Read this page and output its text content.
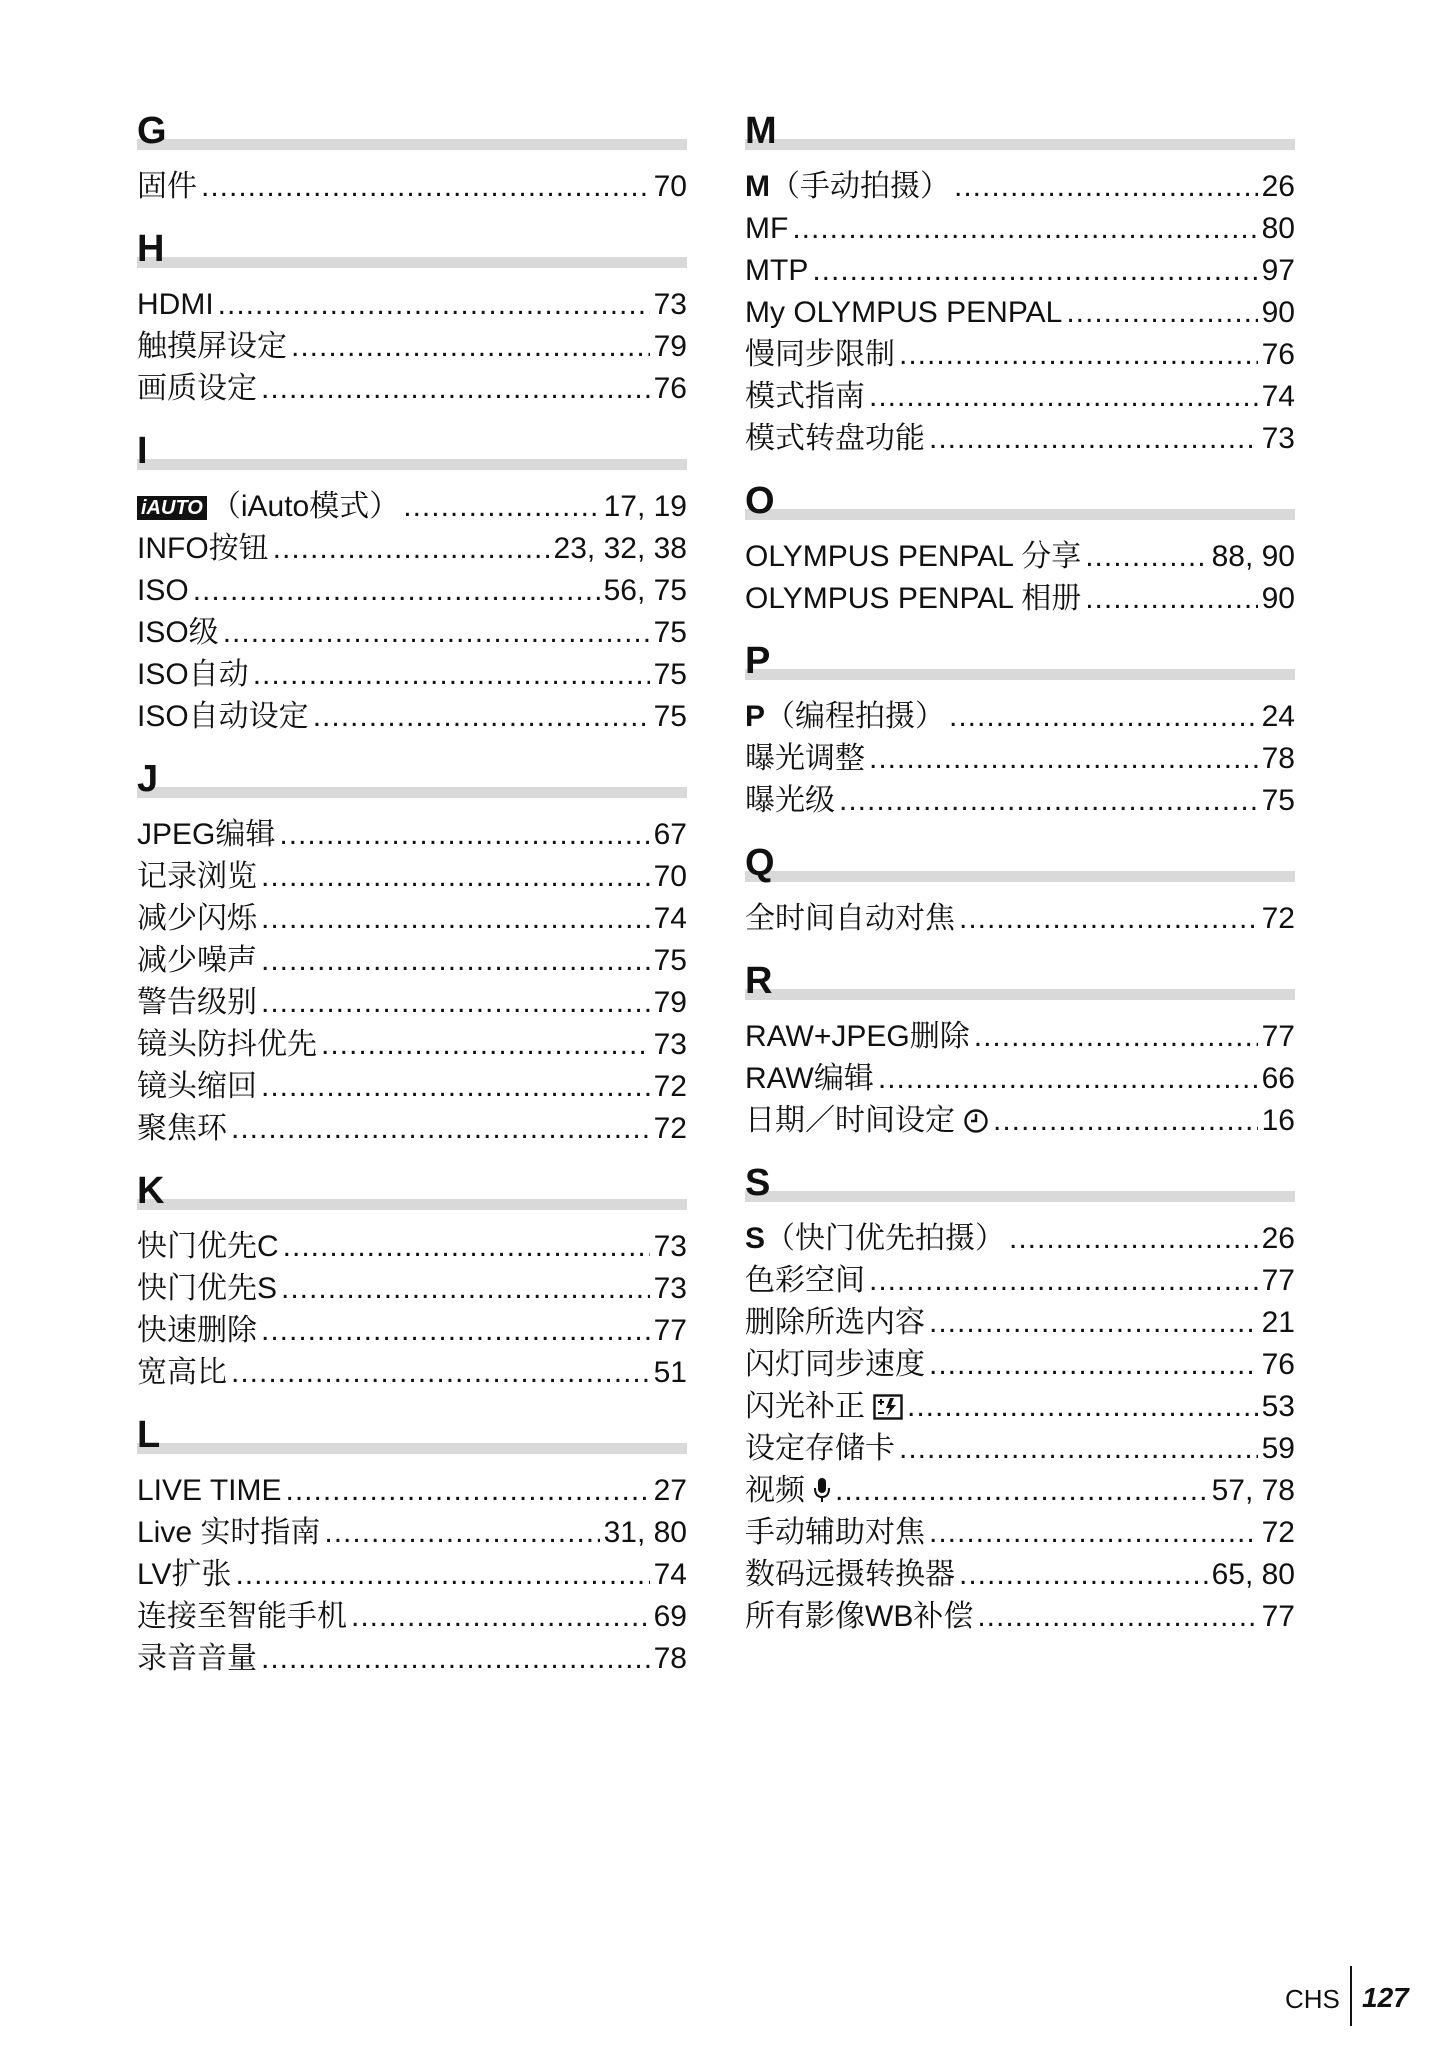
G
固件 .....	70
H
HDMI .....	73
触摸屏设定 .....	79
画质设定 .....	76
I
iAUTO （iAuto模式） .....	17, 19
INFO按钮 .....	23, 32, 38
ISO .....	56, 75
ISO级 .....	75
ISO自动 .....	75
ISO自动设定 .....	75
J
JPEG编辑 .....	67
记录浏览 .....	70
减少闪烁 .....	74
减少噪声 .....	75
警告级别 .....	79
镜头防抖优先 .....	73
镜头缩回 .....	72
聚焦环 .....	72
K
快门优先C .....	73
快门优先S .....	73
快速删除 .....	77
宽高比 .....	51
L
LIVE TIME .....	27
Live 实时指南 .....	31, 80
LV扩张 .....	74
连接至智能手机 .....	69
录音音量 .....	78
M
M（手动拍摄） .....	26
MF .....	80
MTP .....	97
My OLYMPUS PENPAL .....	90
慢同步限制 .....	76
模式指南 .....	74
模式转盘功能 .....	73
O
OLYMPUS PENPAL 分享 .....	88, 90
OLYMPUS PENPAL 相册 .....	90
P
P（编程拍摄） .....	24
曝光调整 .....	78
曝光级 .....	75
Q
全时间自动对焦 .....	72
R
RAW+JPEG删除 .....	77
RAW编辑 .....	66
日期／时间设定 .....	16
S
S（快门优先拍摄） .....	26
色彩空间 .....	77
删除所选内容 .....	21
闪灯同步速度 .....	76
闪光补正 .....	53
设定存储卡 .....	59
视频 .....	57, 78
手动辅助对焦 .....	72
数码远摄转换器 .....	65, 80
所有影像WB补偿 .....	77
CHS 127
